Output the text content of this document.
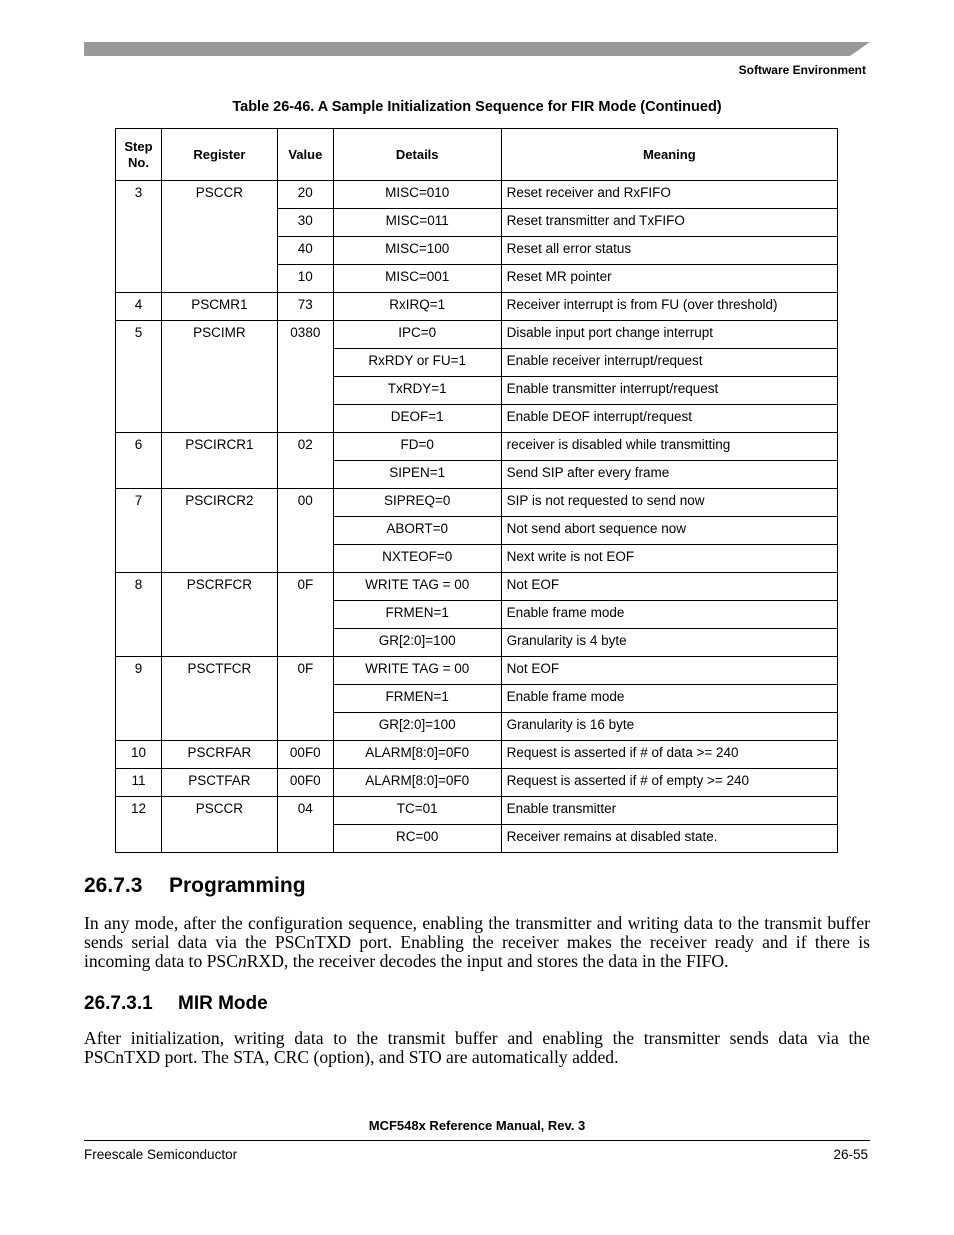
Software Environment
Table 26-46. A Sample Initialization Sequence for FIR Mode (Continued)
Step No.	Register	Value	Details	Meaning
3	PSCCR	20	MISC=010	Reset receiver and RxFIFO
		30	MISC=011	Reset transmitter and TxFIFO
		40	MISC=100	Reset all error status
		10	MISC=001	Reset MR pointer
4	PSCMR1	73	RxIRQ=1	Receiver interrupt is from FU (over threshold)
5	PSCIMR	0380	IPC=0	Disable input port change interrupt
			RxRDY or FU=1	Enable receiver interrupt/request
			TxRDY=1	Enable transmitter interrupt/request
			DEOF=1	Enable DEOF interrupt/request
6	PSCIRCR1	02	FD=0	receiver is disabled while transmitting
			SIPEN=1	Send SIP after every frame
7	PSCIRCR2	00	SIPREQ=0	SIP is not requested to send now
			ABORT=0	Not send abort sequence now
			NXTEOF=0	Next write is not EOF
8	PSCRFCR	0F	WRITE TAG = 00	Not EOF
			FRMEN=1	Enable frame mode
			GR[2:0]=100	Granularity is 4 byte
9	PSCTFCR	0F	WRITE TAG = 00	Not EOF
			FRMEN=1	Enable frame mode
			GR[2:0]=100	Granularity is 16 byte
10	PSCRFAR	00F0	ALARM[8:0]=0F0	Request is asserted if # of data >= 240
11	PSCTFAR	00F0	ALARM[8:0]=0F0	Request is asserted if # of empty >= 240
12	PSCCR	04	TC=01	Enable transmitter
			RC=00	Receiver remains at disabled state.
26.7.3 Programming
In any mode, after the configuration sequence, enabling the transmitter and writing data to the transmit buffer sends serial data via the PSCnTXD port. Enabling the receiver makes the receiver ready and if there is incoming data to PSCnRXD, the receiver decodes the input and stores the data in the FIFO.
26.7.3.1 MIR Mode
After initialization, writing data to the transmit buffer and enabling the transmitter sends data via the PSCnTXD port. The STA, CRC (option), and STO are automatically added.
MCF548x Reference Manual, Rev. 3
Freescale Semiconductor	26-55
